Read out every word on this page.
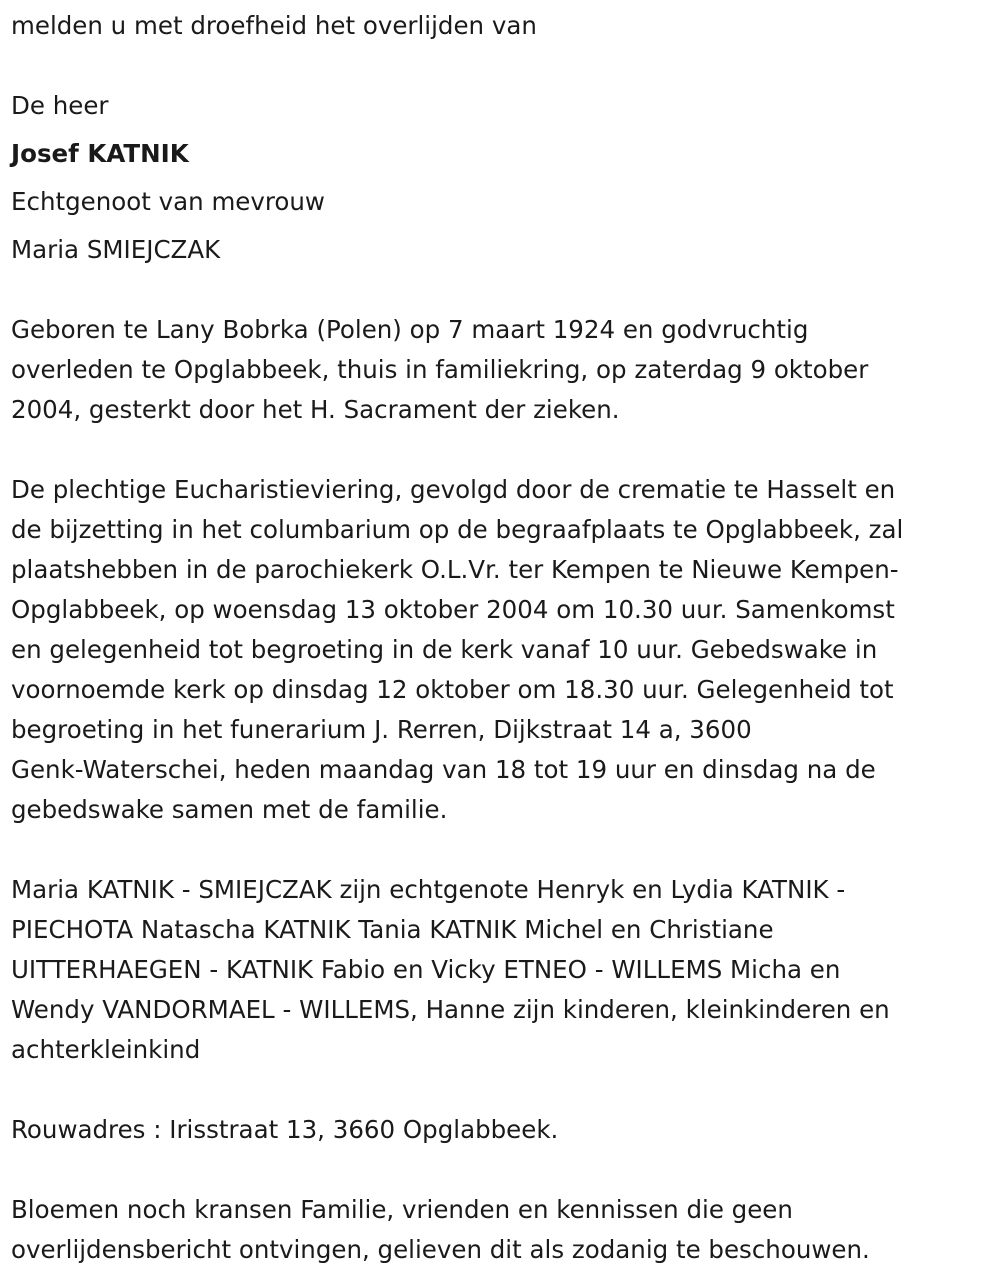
melden u met droefheid het overlijden van

De heer
Josef KATNIK
Echtgenoot van mevrouw
Maria SMIEJCZAK

Geboren te Lany Bobrka (Polen) op 7 maart 1924 en godvruchtig
overleden te Opglabbeek, thuis in familiekring, op zaterdag 9 oktober
2004, gesterkt door het H. Sacrament der zieken.

De plechtige Eucharistieviering, gevolgd door de crematie te Hasselt en
de bijzetting in het columbarium op de begraafplaats te Opglabbeek, zal
plaatshebben in de parochiekerk O.L.Vr. ter Kempen te Nieuwe Kempen-
Opglabbeek, op woensdag 13 oktober 2004 om 10.30 uur. Samenkomst
en gelegenheid tot begroeting in de kerk vanaf 10 uur. Gebedswake in
voornoemde kerk op dinsdag 12 oktober om 18.30 uur. Gelegenheid tot
begroeting in het funerarium J. Rerren, Dijkstraat 14 a, 3600
Genk-Waterschei, heden maandag van 18 tot 19 uur en dinsdag na de
gebedswake samen met de familie.

Maria KATNIK - SMIEJCZAK zijn echtgenote Henryk en Lydia KATNIK -
PIECHOTA Natascha KATNIK Tania KATNIK Michel en Christiane
UITTERHAEGEN - KATNIK Fabio en Vicky ETNEO - WILLEMS Micha en
Wendy VANDORMAEL - WILLEMS, Hanne zijn kinderen, kleinkinderen en
achterkleinkind

Rouwadres : Irisstraat 13, 3660 Opglabbeek.

Bloemen noch kransen Familie, vrienden en kennissen die geen
overlijdensbericht ontvingen, gelieven dit als zodanig te beschouwen.
